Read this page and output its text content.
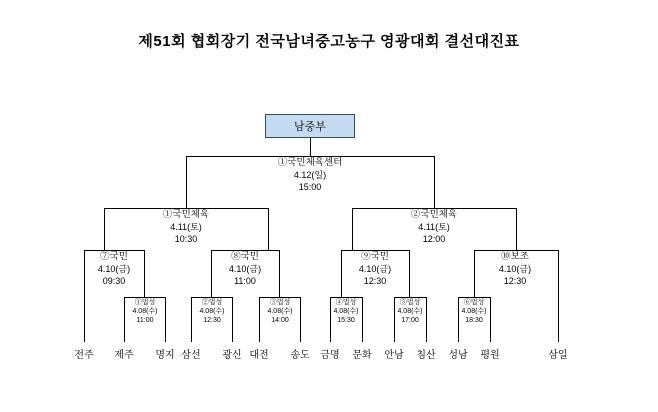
제51회 협회장기 전국남녀중고농구 영광대회 결선대진표
남중부
①국민체육센터
4.12(일)
15:00
①국민체육
4.11(토)
10:30
②국민체육
4.11(토)
12:00
⑦국민
4.10(금)
09:30
⑧국민
4.10(금)
11:00
⑨국민
4.10(금)
12:30
⑩보조
4.10(금)
12:30
①법성
4.08(수)
11:00
②법성
4.08(수)
12:30
③법성
4.08(수)
14:00
④법성
4.08(수)
15:30
⑤법성
4.08(수)
17:00
⑥법성
4.08(수)
18:30
전주	제주	명지 삼선	광신 대전	송도	금명	문화	안남	침산	성남	평원	삼일
